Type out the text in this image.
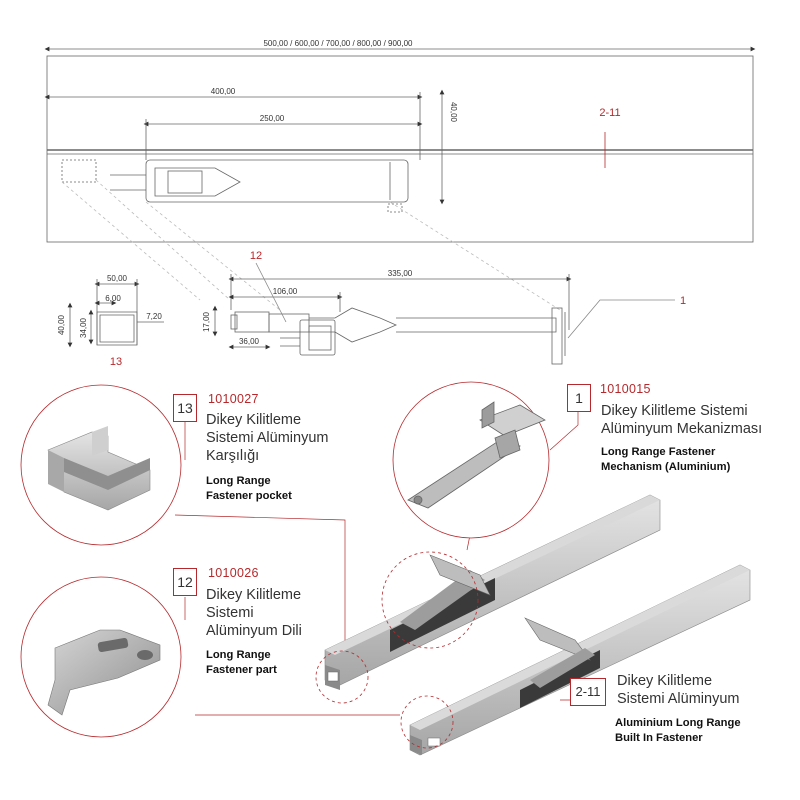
500,00 / 600,00 / 700,00 / 800,00 / 900,00
400,00
250,00	40,00	2-11
50,00
6,00
40,00 34,00
7,20
13
12
335,00
106,00
17,00
36,00
1
13
1010027
Dikey Kilitleme
Sistemi Alüminyum
Karşılığı
Long Range
Fastener pocket
1
1010015
Dikey Kilitleme Sistemi
Alüminyum Mekanizması
Long Range Fastener
Mechanism (Aluminium)
12
1010026
Dikey Kilitleme
Sistemi
Alüminyum Dili
Long Range
Fastener part
Dikey Kilitleme
2-11	Sistemi Alüminyum
Aluminium Long Range
Built In Fastener
